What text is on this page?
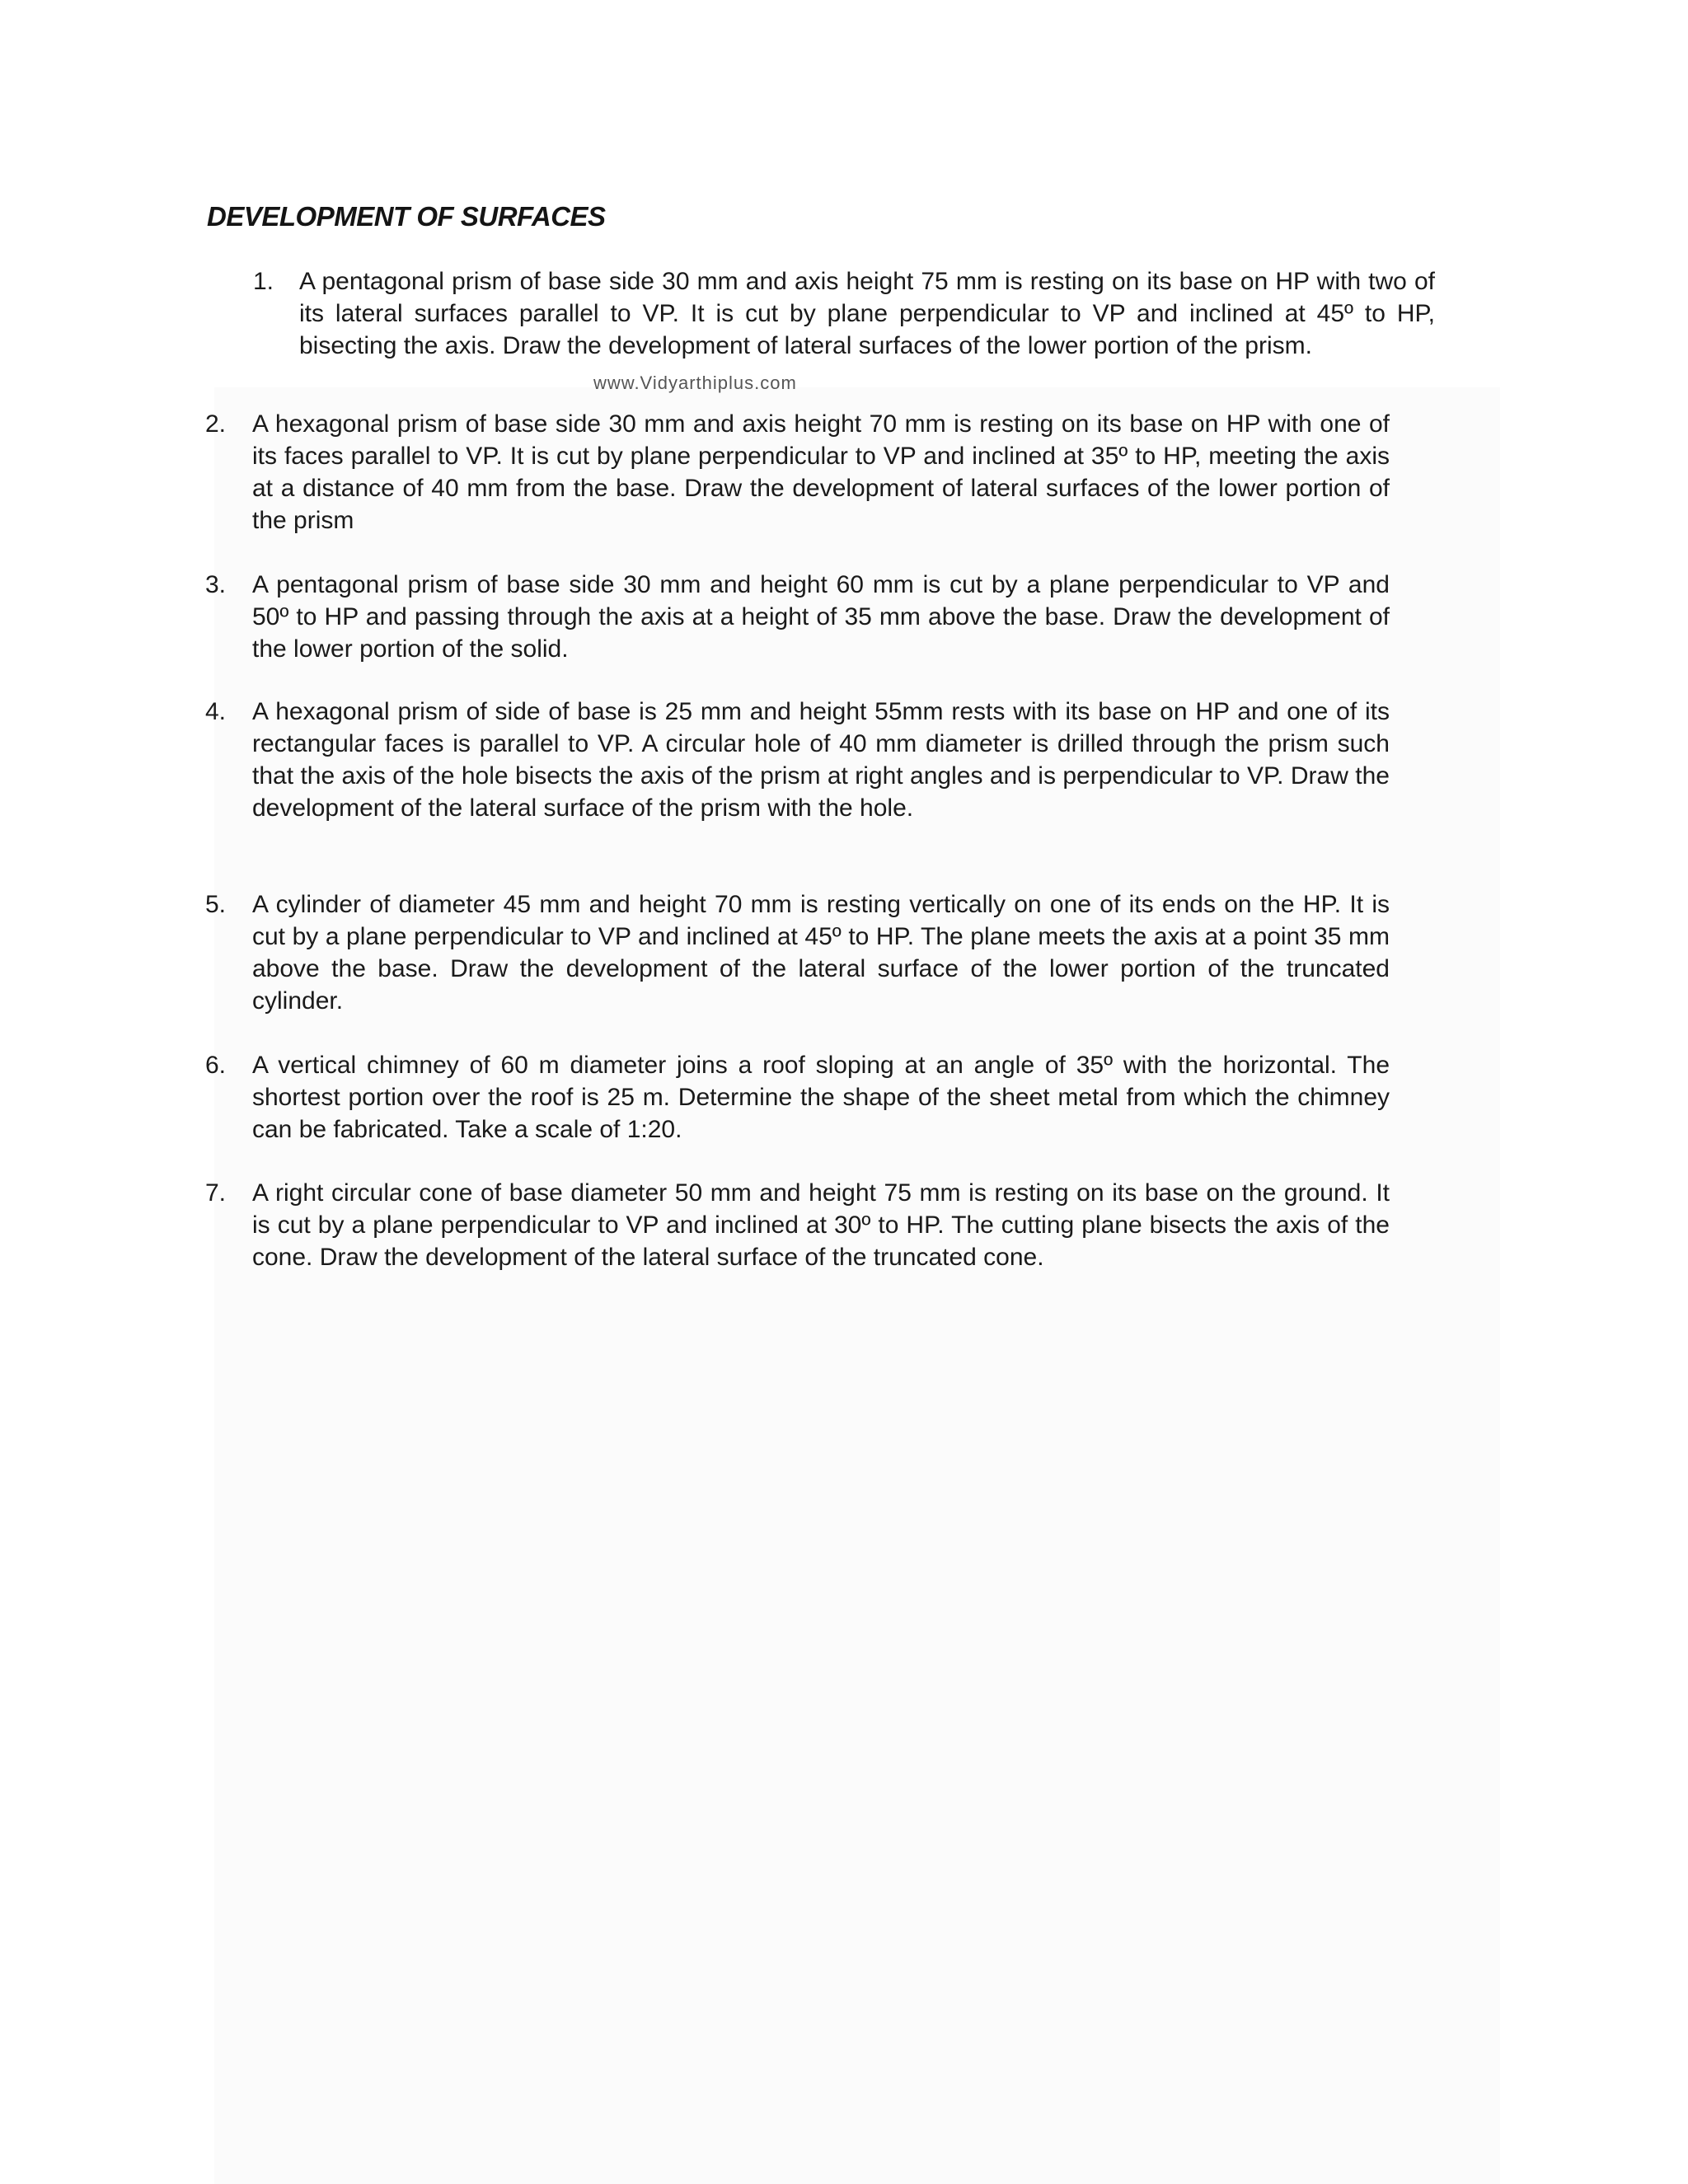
DEVELOPMENT OF SURFACES
1. A pentagonal prism of base side 30 mm and axis height 75 mm is resting on its base on HP with two of its lateral surfaces parallel to VP. It is cut by plane perpendicular to VP and inclined at 45º to HP, bisecting the axis. Draw the development of lateral surfaces of the lower portion of the prism.
www.Vidyarthiplus.com
2. A hexagonal prism of base side 30 mm and axis height 70 mm is resting on its base on HP with one of its faces parallel to VP. It is cut by plane perpendicular to VP and inclined at 35º to HP, meeting the axis at a distance of 40 mm from the base. Draw the development of lateral surfaces of the lower portion of the prism
3. A pentagonal prism of base side 30 mm and height 60 mm is cut by a plane perpendicular to VP and 50º to HP and passing through the axis at a height of 35 mm above the base. Draw the development of the lower portion of the solid.
4. A hexagonal prism of side of base is 25 mm and height 55mm rests with its base on HP and one of its rectangular faces is parallel to VP. A circular hole of 40 mm diameter is drilled through the prism such that the axis of the hole bisects the axis of the prism at right angles and is perpendicular to VP. Draw the development of the lateral surface of the prism with the hole.
5. A cylinder of diameter 45 mm and height 70 mm is resting vertically on one of its ends on the HP. It is cut by a plane perpendicular to VP and inclined at 45º to HP. The plane meets the axis at a point 35 mm above the base. Draw the development of the lateral surface of the lower portion of the truncated cylinder.
6. A vertical chimney of 60 m diameter joins a roof sloping at an angle of 35º with the horizontal. The shortest portion over the roof is 25 m. Determine the shape of the sheet metal from which the chimney can be fabricated. Take a scale of 1:20.
7. A right circular cone of base diameter 50 mm and height 75 mm is resting on its base on the ground. It is cut by a plane perpendicular to VP and inclined at 30º to HP. The cutting plane bisects the axis of the cone. Draw the development of the lateral surface of the truncated cone.
